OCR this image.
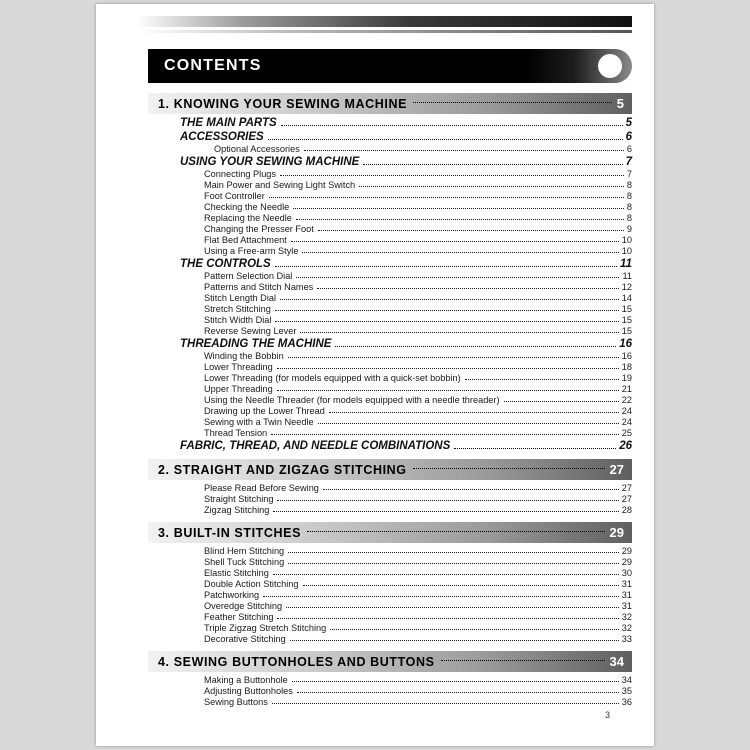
CONTENTS
1. KNOWING YOUR SEWING MACHINE	5
THE MAIN PARTS	5
ACCESSORIES	6
Optional Accessories	6
USING YOUR SEWING MACHINE	7
Connecting Plugs	7
Main Power and Sewing Light Switch	8
Foot Controller	8
Checking the Needle	8
Replacing the Needle	8
Changing the Presser Foot	9
Flat Bed Attachment	10
Using a Free-arm Style	10
THE CONTROLS	11
Pattern Selection Dial	11
Patterns and Stitch Names	12
Stitch Length Dial	14
Stretch Stitching	15
Stitch Width Dial	15
Reverse Sewing Lever	15
THREADING THE MACHINE	16
Winding the Bobbin	16
Lower Threading	18
Lower Threading (for models equipped with a quick-set bobbin)	19
Upper Threading	21
Using the Needle Threader (for models equipped with a needle threader)	22
Drawing up the Lower Thread	24
Sewing with a Twin Needle	24
Thread Tension	25
FABRIC, THREAD, AND NEEDLE COMBINATIONS	26
2. STRAIGHT AND ZIGZAG STITCHING	27
Please Read Before Sewing	27
Straight Stitching	27
Zigzag Stitching	28
3. BUILT-IN STITCHES	29
Blind Hem Stitching	29
Shell Tuck Stitching	29
Elastic Stitching	30
Double Action Stitching	31
Patchworking	31
Overedge Stitching	31
Feather Stitching	32
Triple Zigzag Stretch Stitching	32
Decorative Stitching	33
4. SEWING BUTTONHOLES AND BUTTONS	34
Making a Buttonhole	34
Adjusting Buttonholes	35
Sewing Buttons	36
3
